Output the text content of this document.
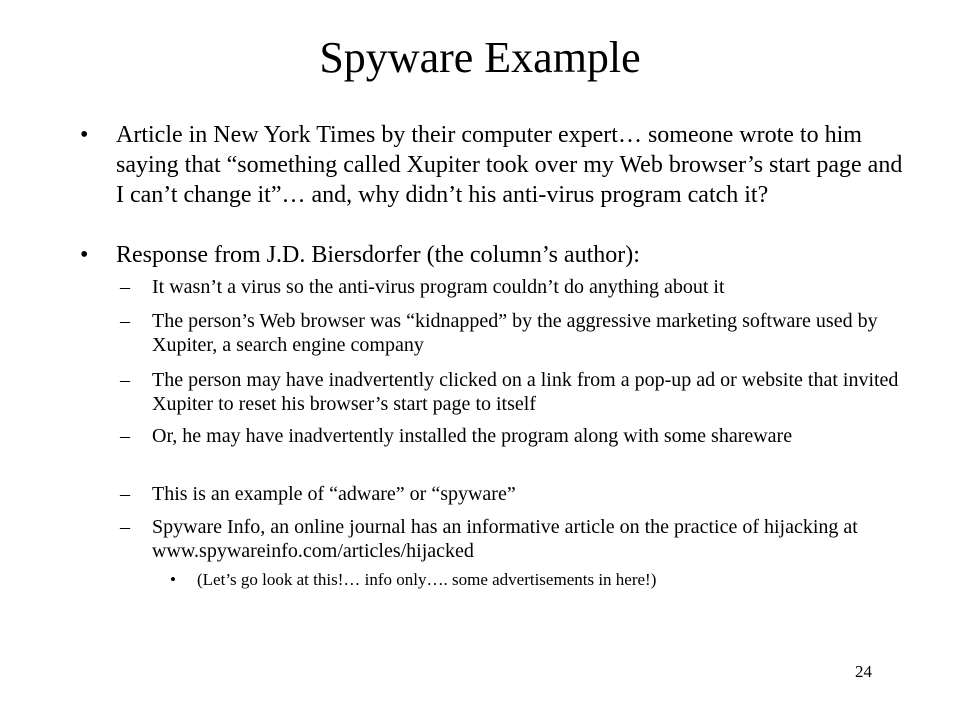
Spyware Example
• Article in New York Times by their computer expert… someone wrote to him saying that “something called Xupiter took over my Web browser’s start page and I can’t change it”… and, why didn’t his anti-virus program catch it?
• Response from J.D. Biersdorfer (the column’s author):
– It wasn’t a virus so the anti-virus program couldn’t do anything about it
– The person’s Web browser was “kidnapped” by the aggressive marketing software used by Xupiter, a search engine company
– The person may have inadvertently clicked on a link from a pop-up ad or website that invited Xupiter to reset his browser’s start page to itself
– Or, he may have inadvertently installed the program along with some shareware
– This is an example of “adware” or “spyware”
– Spyware Info, an online journal has an informative article on the practice of hijacking at www.spywareinfo.com/articles/hijacked
• (Let’s go look at this!… info only…. some advertisements in here!)
24
